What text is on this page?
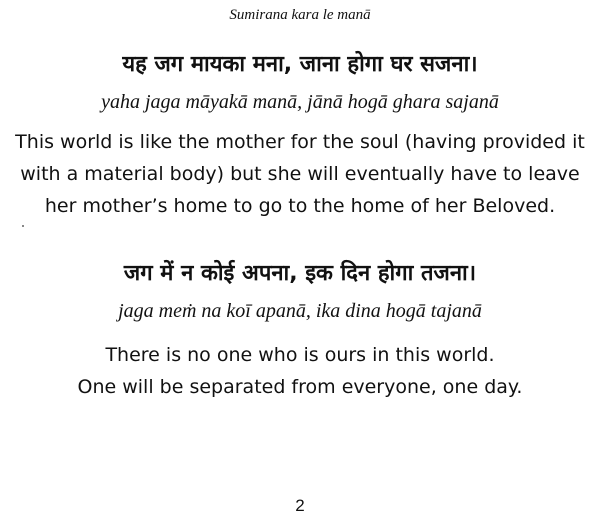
Sumirana kara le manā
यह जग मायका मना, जाना होगा घर सजना।
yaha jaga māyakā manā, jānā hogā ghara sajanā
This world is like the mother for the soul (having provided it
with a material body) but she will eventually have to leave
her mother’s home to go to the home of her Beloved.
जग में न कोई अपना, इक दिन होगा तजना।
jaga meṁ na koī apanā, ika dina hogā tajanā
There is no one who is ours in this world.
One will be separated from everyone, one day.
2
